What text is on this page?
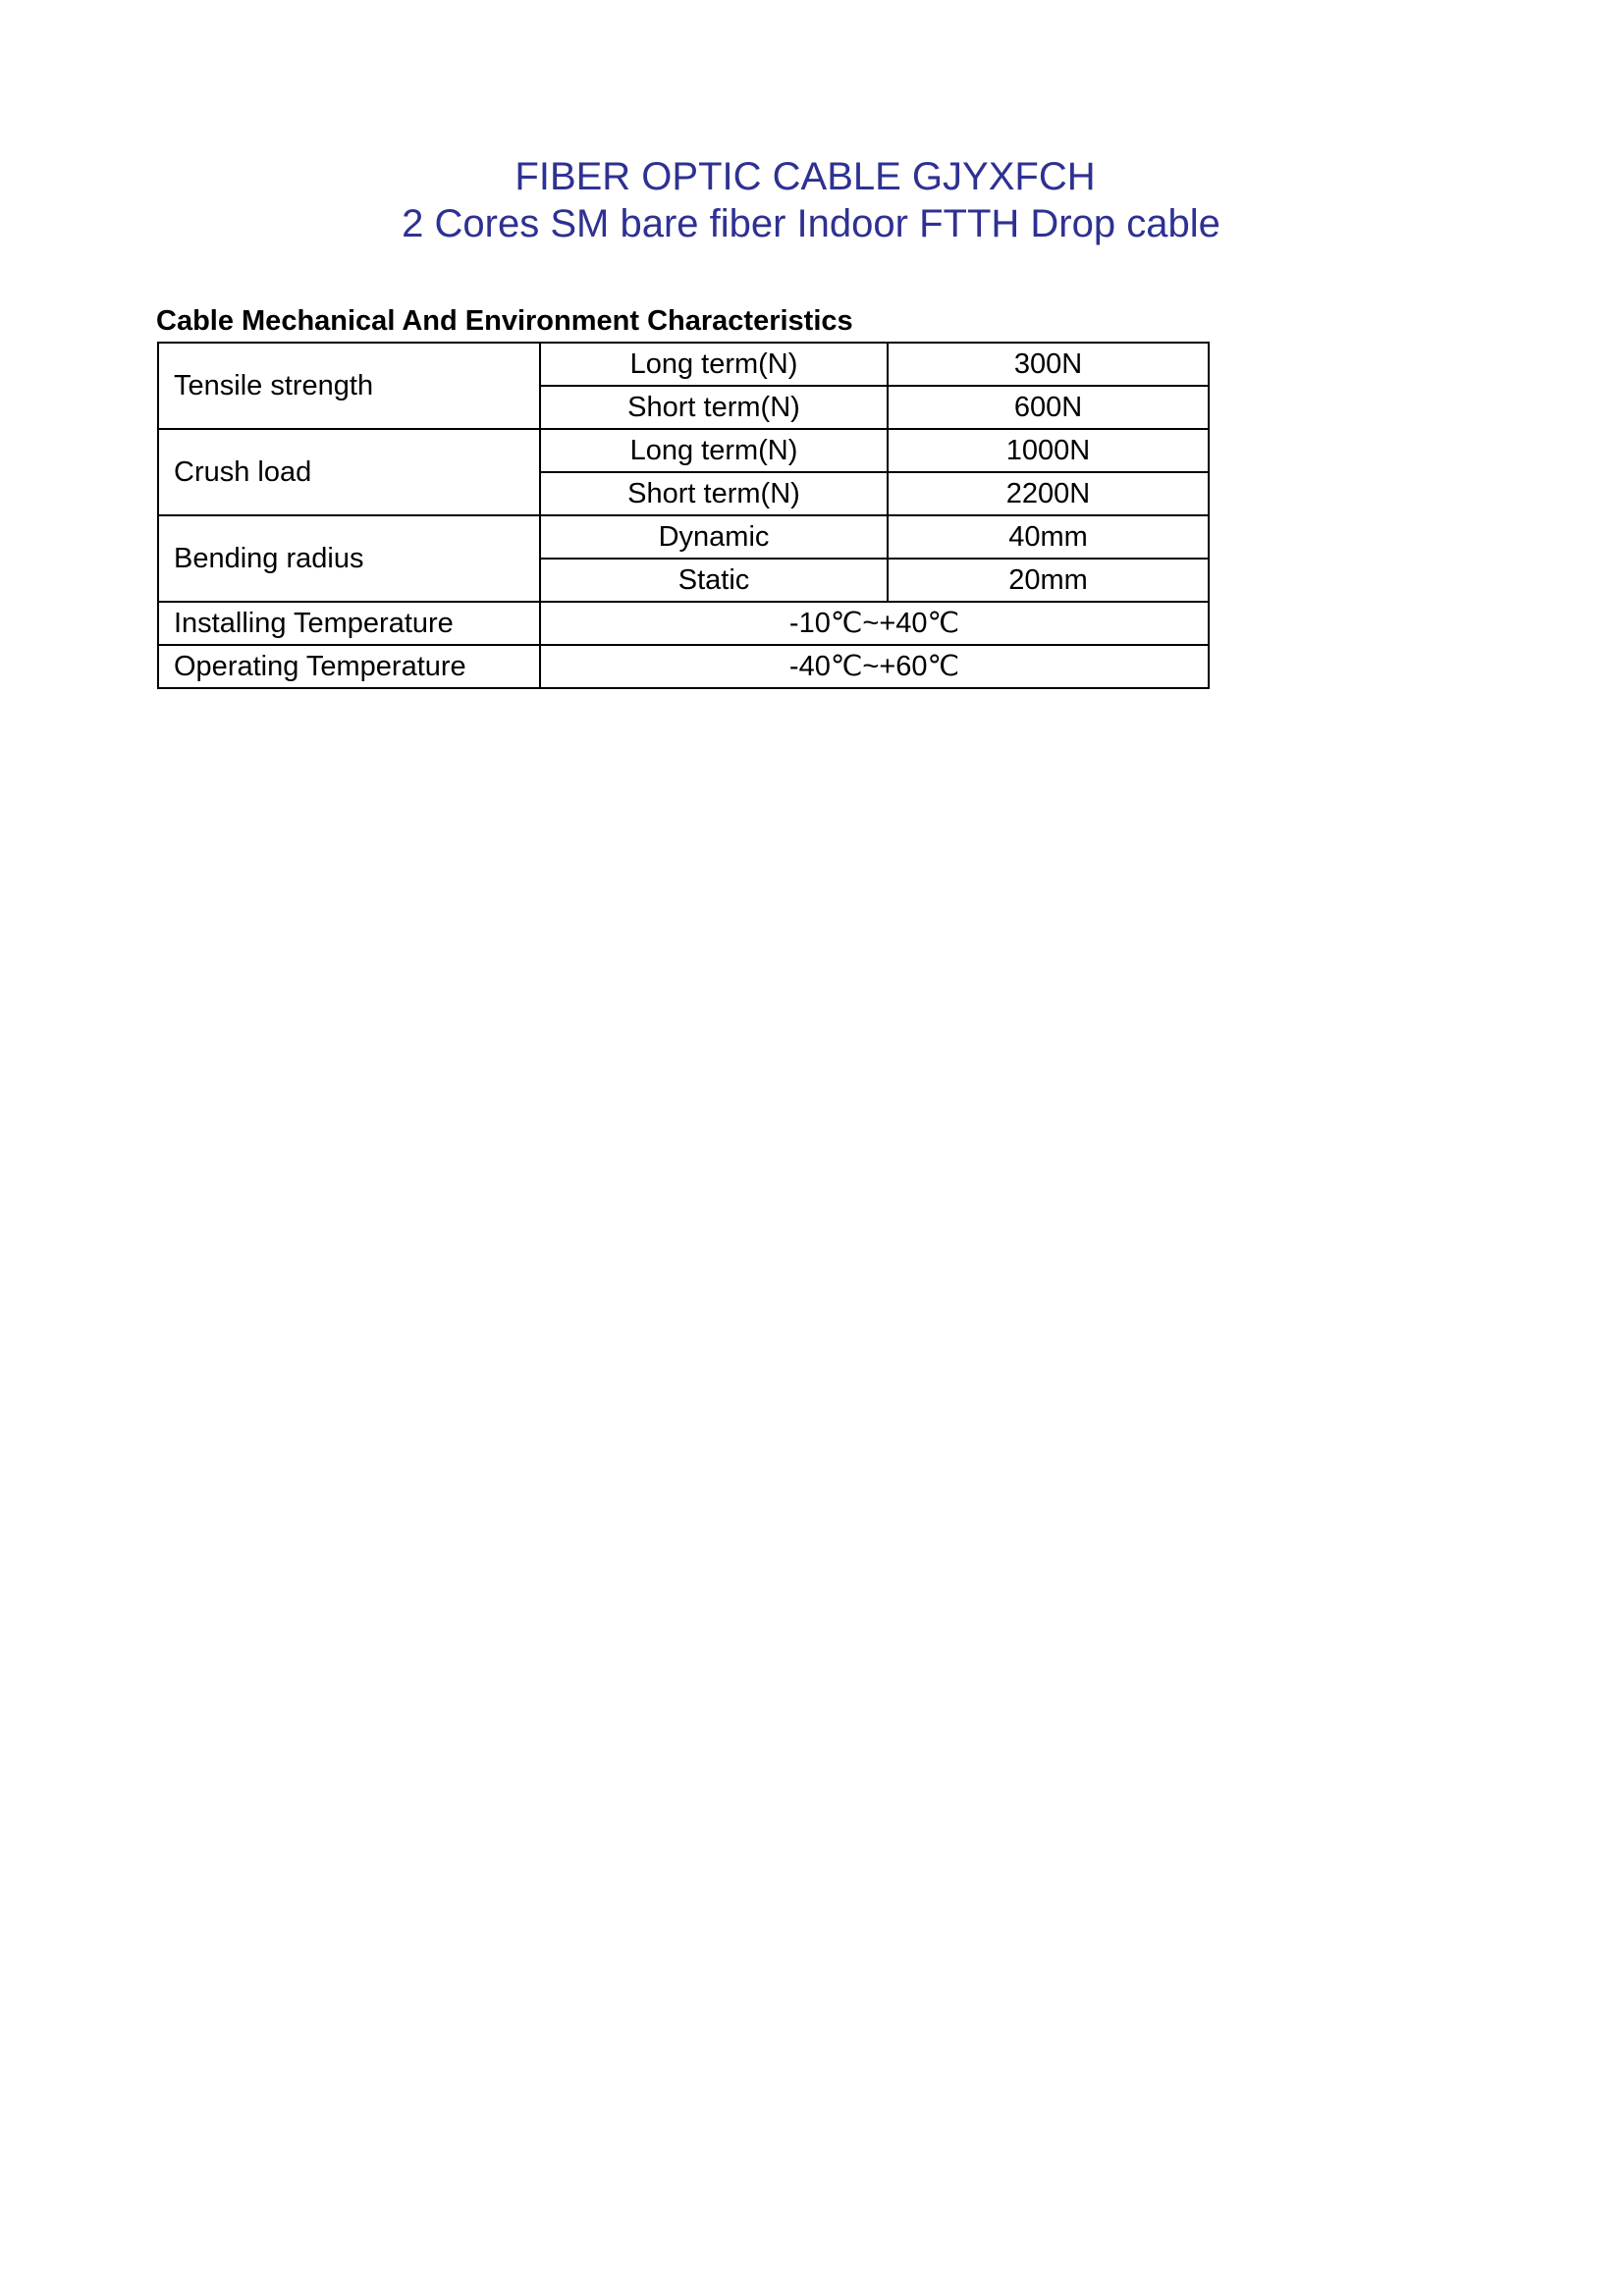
FIBER OPTIC CABLE GJYXFCH
2 Cores SM bare fiber Indoor FTTH Drop cable
Cable Mechanical And Environment Characteristics
Tensile strength	Long term(N)	300N
	Short term(N)	600N
Crush load	Long term(N)	1000N
	Short term(N)	2200N
Bending radius	Dynamic	40mm
	Static	20mm
Installing Temperature	-10℃~+40℃	
Operating Temperature	-40℃~+60℃	
